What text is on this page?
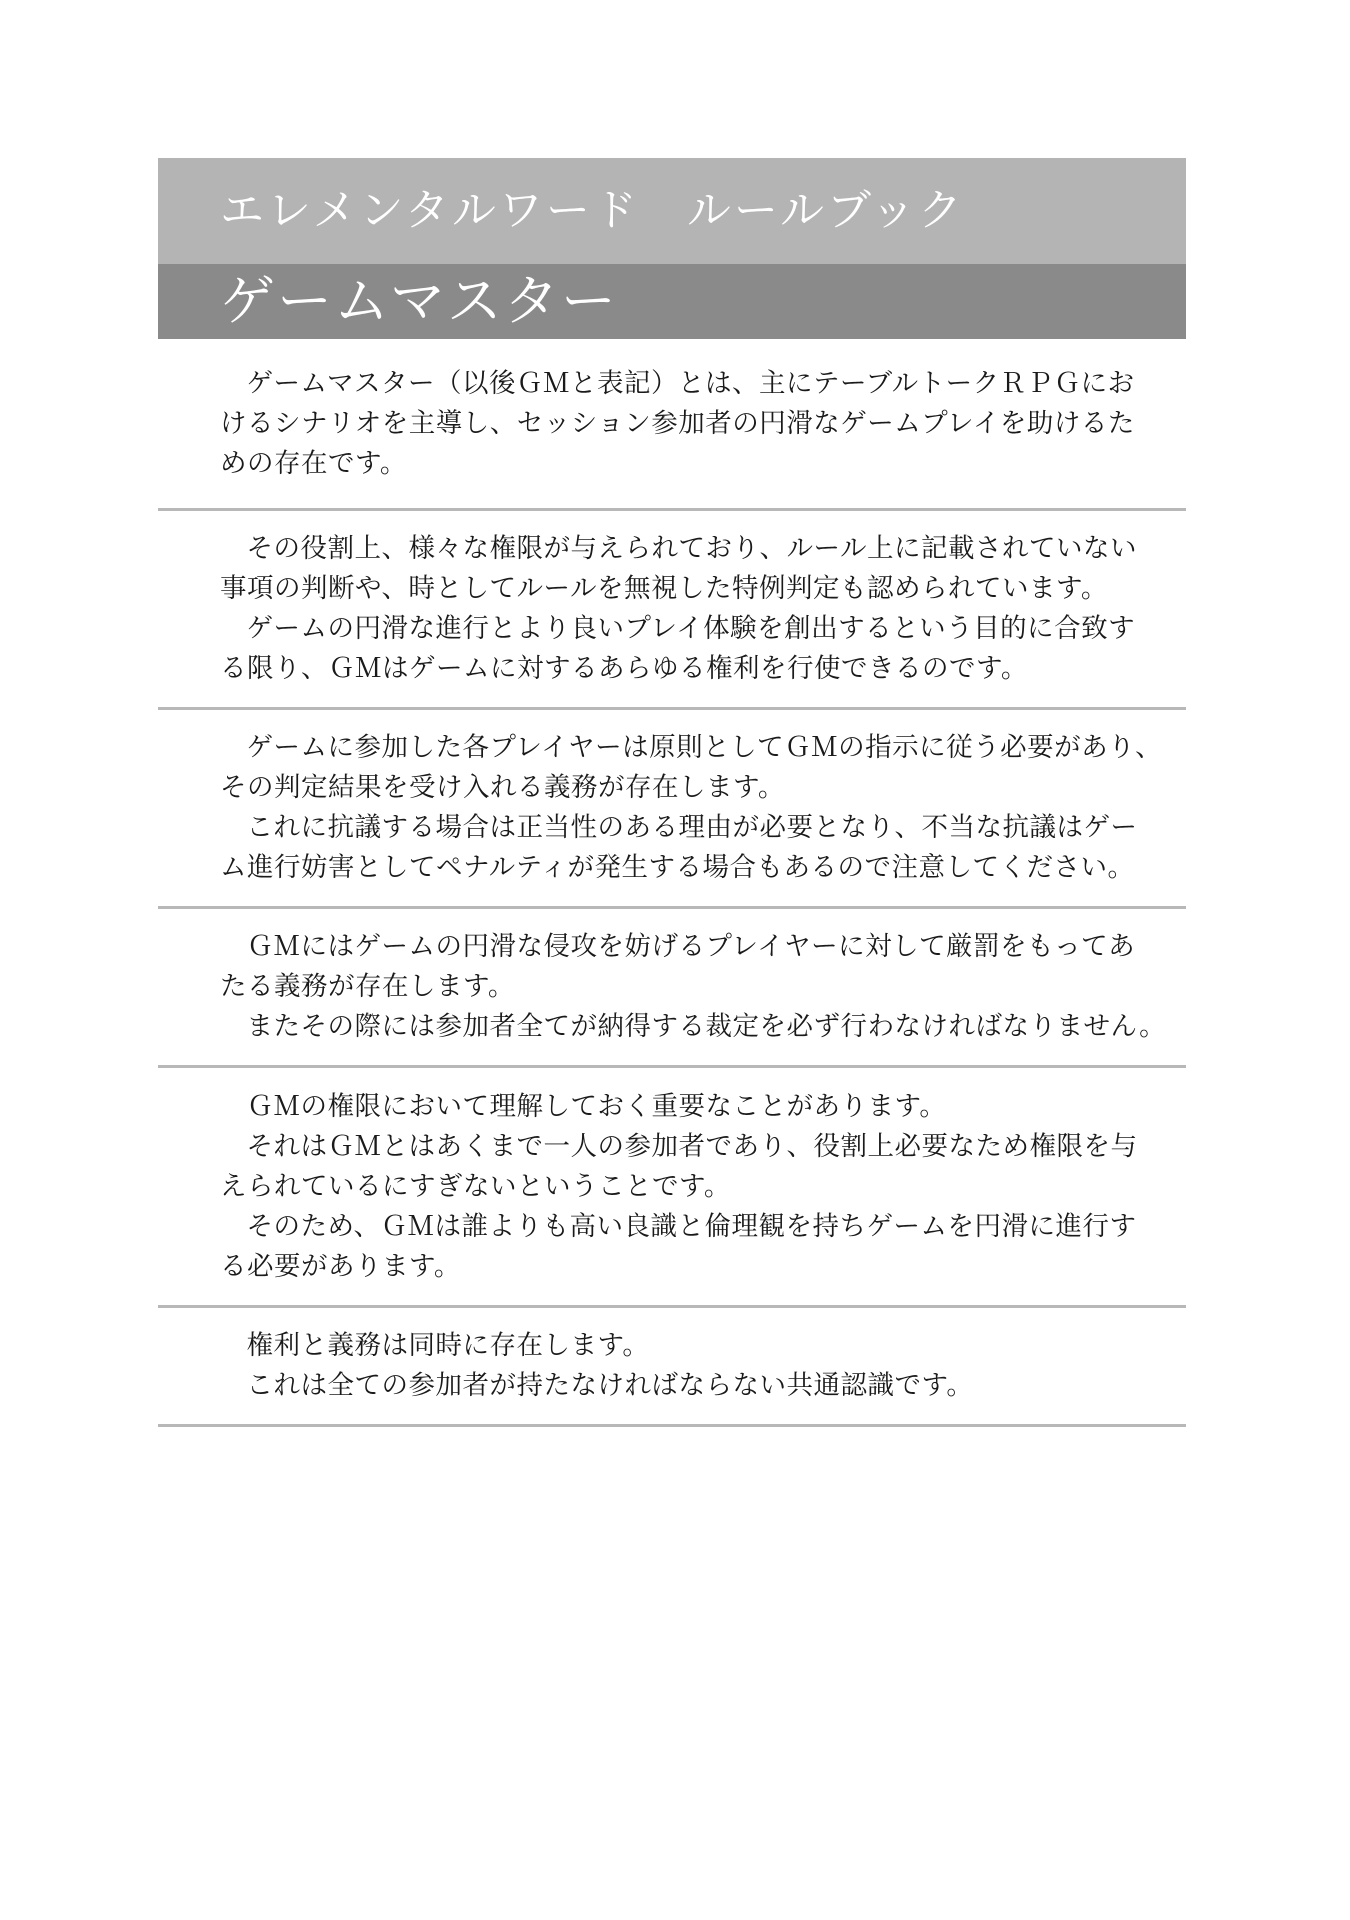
エレメンタルワード　ルールブック
ゲームマスター
ゲームマスター（以後ＧＭと表記）とは、主にテーブルトークＲＰＧにお
けるシナリオを主導し、セッション参加者の円滑なゲームプレイを助けるた
めの存在です。
その役割上、様々な権限が与えられており、ルール上に記載されていない
事項の判断や、時としてルールを無視した特例判定も認められています。
ゲームの円滑な進行とより良いプレイ体験を創出するという目的に合致す
る限り、ＧＭはゲームに対するあらゆる権利を行使できるのです。
ゲームに参加した各プレイヤーは原則としてＧＭの指示に従う必要があり、
その判定結果を受け入れる義務が存在します。
これに抗議する場合は正当性のある理由が必要となり、不当な抗議はゲー
ム進行妨害としてペナルティが発生する場合もあるので注意してください。
ＧＭにはゲームの円滑な侵攻を妨げるプレイヤーに対して厳罰をもってあ
たる義務が存在します。
またその際には参加者全てが納得する裁定を必ず行わなければなりません。
ＧＭの権限において理解しておく重要なことがあります。
それはＧＭとはあくまで一人の参加者であり、役割上必要なため権限を与
えられているにすぎないということです。
そのため、ＧＭは誰よりも高い良識と倫理観を持ちゲームを円滑に進行す
る必要があります。
権利と義務は同時に存在します。
これは全ての参加者が持たなければならない共通認識です。
